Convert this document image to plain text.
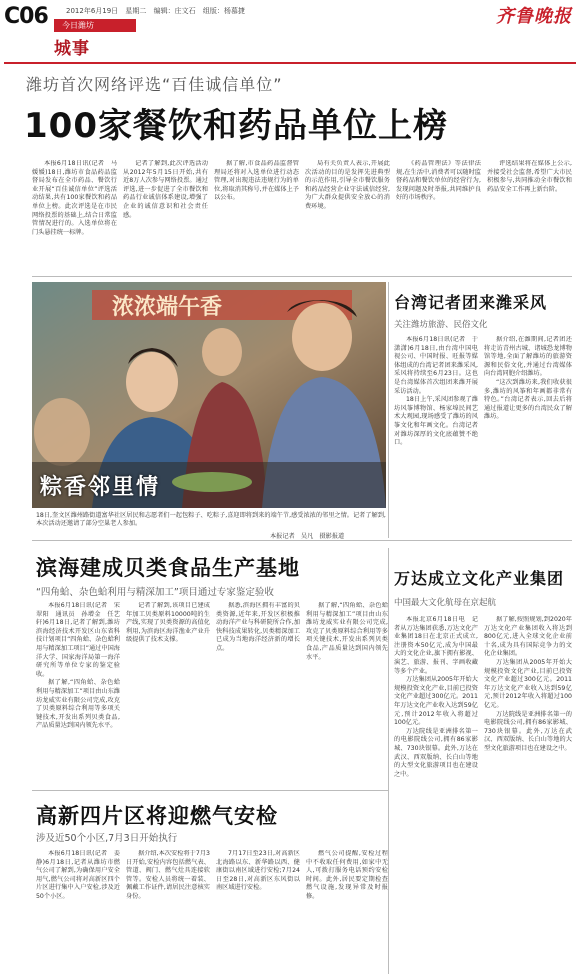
C06	2012年6月19日 星期二 编辑：庄文石 组版：杨慕捷
今日潍坊
城事
齐鲁晚报
潍坊首次网络评选“百佳诚信单位”
100家餐饮和药品单位上榜

本报6月18日讯(记者　马媛媛)18日,潍坊市食品药品监督局发布在全市药品、餐饮行业开展“百佳诚信单位”评选活动结果,共有100家餐饮和药品单位上榜。此次评选是在市民网络投票的基础上,结合日常监管情况进行的。入选单位将在门头悬挂统一标牌。

记者了解到,此次评选活动从2012年5月15日开始,共有近8万人次参与网络投票。通过评选,进一步促进了全市餐饮和药品行业诚信体系建设,增强了企业的诚信意识和社会责任感。

据了解,市食品药品监督管理局还将对入选单位进行动态管理,对出现违法违规行为的单位,将取消其称号,并在媒体上予以公布。

局有关负责人表示,开展此次活动的目的是发挥先进典型的示范作用,引导全市餐饮服务和药品经营企业守法诚信经营,为广大群众提供安全放心的消费环境。

《药品管理法》等法律法规,在生活中,消费者可以随时监督药品和餐饮单位的经营行为,发现问题及时举报,共同维护良好的市场秩序。

评选结果将在媒体上公示,并接受社会监督,希望广大市民积极参与,共同推动全市餐饮和药品安全工作再上新台阶。

浓浓端午香
粽香邻里情
18日,奎文区潍州路街道富华社区居民和志愿者们一起包粽子、吃粽子,喜迎即将到来的端午节,感受浓浓的邻里之情。记者了解到,本次活动还邀请了部分空巢老人参加。
本报记者　吴凡　摄影报道
台湾记者团来潍采风
关注潍坊旅游、民俗文化

本报6月18日讯(记者　于潇潇)6月18日,由台湾中国电视公司、中国时报、旺报等媒体组成的台湾记者团来潍采风,采风将持续至6月23日。这也是台湾媒体首次组团来潍开展采访活动。

18日上午,采风团参观了潍坊风筝博物馆、杨家埠民间艺术大观园,现场感受了潍坊的风筝文化和年画文化。台湾记者对潍坊深厚的文化底蕴赞不绝口。

据介绍,在潍期间,记者团还将走访青州古城、诸城恐龙博物馆等地,全面了解潍坊的旅游资源和民俗文化,并通过台湾媒体向台湾同胞介绍潍坊。

“这次到潍坊来,我们收获很多,潍坊的风筝和年画都非常有特色。”台湾记者表示,回去后将通过报道让更多的台湾民众了解潍坊。

滨海建成贝类食品生产基地
“四角蛤、杂色蛤利用与精深加工”项目通过专家鉴定验收

本报6月18日讯(记者　宋翠阳　通讯员　孙增金　任艺轩)6月18日,记者了解到,潍坊滨海经济技术开发区山东省科技计划项目“四角蛤、杂色蛤利用与精深加工项目”通过中国海洋大学、国家海洋局第一海洋研究所等单位专家的鉴定验收。

据了解,“四角蛤、杂色蛤利用与精深加工”项目由山东潍坊龙威实业有限公司完成,攻克了贝类原料综合利用等多项关键技术,开发出系列贝类食品,产品质量达到国内领先水平。

记者了解到,该项目已建成年加工贝类原料10000吨的生产线,实现了贝类资源的高值化利用,为滨海区海洋渔业产业升级提供了技术支撑。

据悉,滨海区拥有丰富的贝类资源,近年来,开发区积极推动海洋产业与科研院所合作,加快科技成果转化,贝类精深加工已成为当地海洋经济新的增长点。

据了解,“四角蛤、杂色蛤利用与精深加工”项目由山东潍坊龙威实业有限公司完成,攻克了贝类原料综合利用等多项关键技术,开发出系列贝类食品,产品质量达到国内领先水平。

高新四片区将迎燃气安检
涉及近50个小区,7月3日开始执行

本报6月18日讯(记者　姜静)6月18日,记者从潍坊市燃气公司了解到,为确保用户安全用气,燃气公司将对高新区四个片区进行集中入户安检,涉及近50个小区。

据介绍,本次安检将于7月3日开始,安检内容包括燃气表、管道、阀门、燃气灶具连接软管等。安检人员将统一着装、佩戴工作证件,请居民注意核实身份。

7月17日至23日,对高新区北海路以东、新华路以西、健康街以南区域进行安检;7月24日至28日,对高新区东风街以南区域进行安检。

燃气公司提醒,安检过程中不收取任何费用,如家中无人,可拨打服务电话预约安检时间。此外,居民要定期检查燃气设施,发现异常及时报修。

万达成立文化产业集团
中国最大文化航母在京起航

本报北京6月18日电　记者从万达集团获悉,万达文化产业集团18日在北京正式成立,注册资本50亿元,成为中国最大的文化企业,旗下拥有影视、演艺、旅游、报刊、字画收藏等多个产业。

万达集团从2005年开始大规模投资文化产业,目前已投资文化产业超过300亿元。2011年万达文化产业收入达到59亿元,预计2012年收入将超过100亿元。

万达院线是亚洲排名第一的电影院线公司,拥有86家影城、730块银幕。此外,万达在武汉、西双版纳、长白山等地的大型文化旅游项目也在建设之中。

据了解,按照规划,到2020年万达文化产业集团收入将达到800亿元,进入全球文化企业前十名,成为具有国际竞争力的文化企业集团。

万达集团从2005年开始大规模投资文化产业,目前已投资文化产业超过300亿元。2011年万达文化产业收入达到59亿元,预计2012年收入将超过100亿元。

万达院线是亚洲排名第一的电影院线公司,拥有86家影城、730块银幕。此外,万达在武汉、西双版纳、长白山等地的大型文化旅游项目也在建设之中。
